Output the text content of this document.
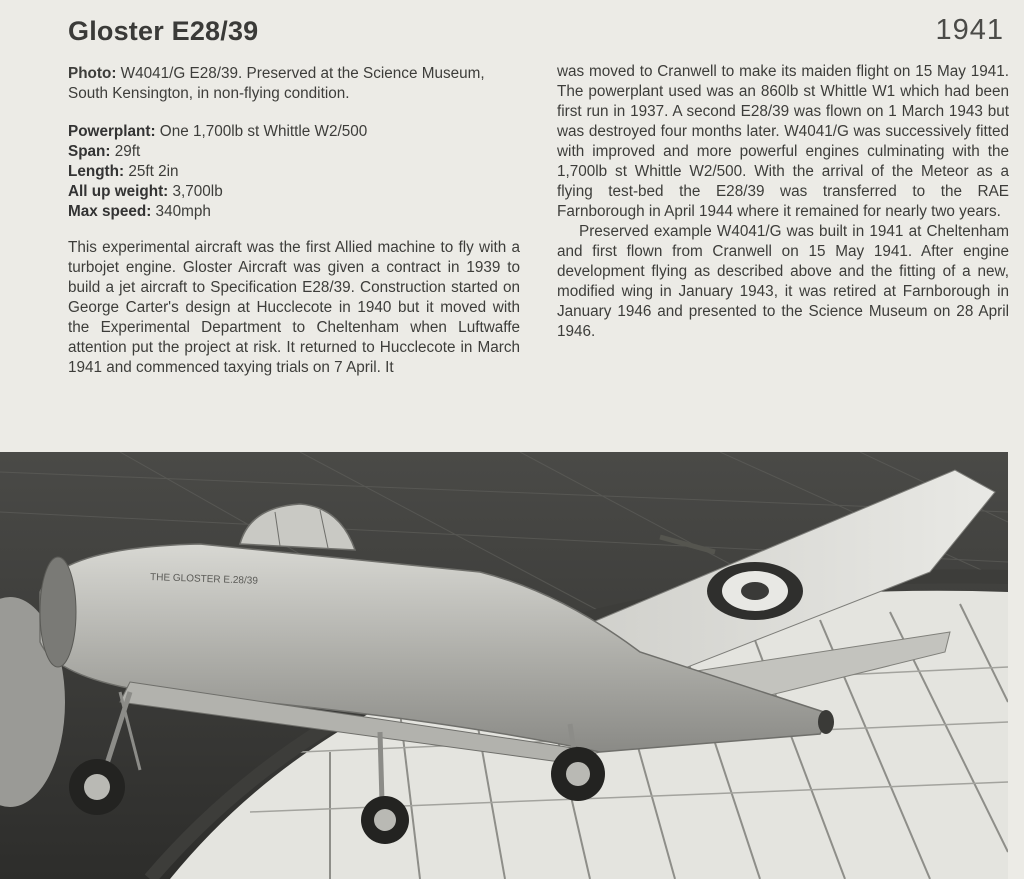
Gloster E28/39	1941

Photo: W4041/G E28/39. Preserved at the Science Museum, South Kensington, in non-flying condition.

Powerplant: One 1,700lb st Whittle W2/500
Span: 29ft
Length: 25ft 2in
All up weight: 3,700lb
Max speed: 340mph

This experimental aircraft was the first Allied machine to fly with a turbojet engine. Gloster Aircraft was given a contract in 1939 to build a jet aircraft to Specification E28/39. Construction started on George Carter's design at Hucclecote in 1940 but it moved with the Experimental Department to Cheltenham when Luftwaffe attention put the project at risk. It returned to Hucclecote in March 1941 and commenced taxying trials on 7 April. It

was moved to Cranwell to make its maiden flight on 15 May 1941. The powerplant used was an 860lb st Whittle W1 which had been first run in 1937. A second E28/39 was flown on 1 March 1943 but was destroyed four months later. W4041/G was successively fitted with improved and more powerful engines culminating with the 1,700lb st Whittle W2/500. With the arrival of the Meteor as a flying test-bed the E28/39 was transferred to the RAE Farnborough in April 1944 where it remained for nearly two years.

Preserved example W4041/G was built in 1941 at Cheltenham and first flown from Cranwell on 15 May 1941. After engine development flying as described above and the fitting of a new, modified wing in January 1943, it was retired at Farnborough in January 1946 and presented to the Science Museum on 28 April 1946.

THE GLOSTER E.28/39
